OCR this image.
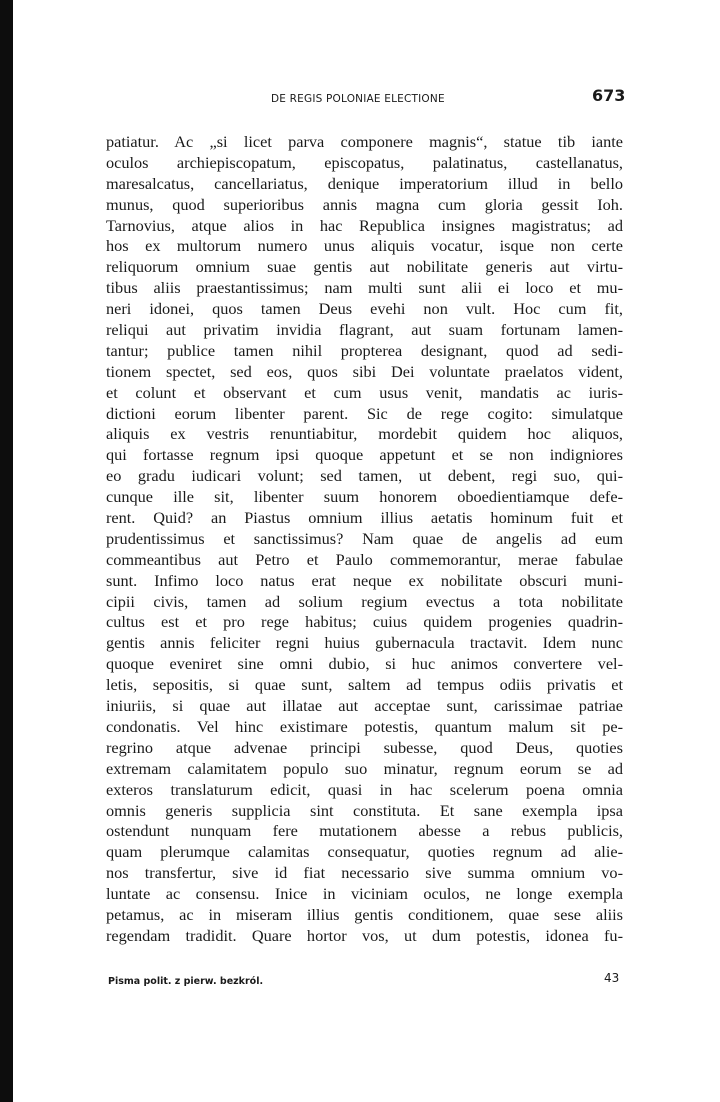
DE REGIS POLONIAE ELECTIONE	673
patiatur. Ac „si licet parva componere magnis“, statue tib iante
oculos archiepiscopatum, episcopatus, palatinatus, castellanatus,
maresalcatus, cancellariatus, denique imperatorium illud in bello
munus, quod superioribus annis magna cum gloria gessit Ioh.
Tarnovius, atque alios in hac Republica insignes magistratus; ad
hos ex multorum numero unus aliquis vocatur, isque non certe
reliquorum omnium suae gentis aut nobilitate generis aut virtu-
tibus aliis praestantissimus; nam multi sunt alii ei loco et mu-
neri idonei, quos tamen Deus evehi non vult. Hoc cum fit,
reliqui aut privatim invidia flagrant, aut suam fortunam lamen-
tantur; publice tamen nihil propterea designant, quod ad sedi-
tionem spectet, sed eos, quos sibi Dei voluntate praelatos vident,
et colunt et observant et cum usus venit, mandatis ac iuris-
dictioni eorum libenter parent. Sic de rege cogito: simulatque
aliquis ex vestris renuntiabitur, mordebit quidem hoc aliquos,
qui fortasse regnum ipsi quoque appetunt et se non indigniores
eo gradu iudicari volunt; sed tamen, ut debent, regi suo, qui-
cunque ille sit, libenter suum honorem oboedientiamque defe-
rent. Quid? an Piastus omnium illius aetatis hominum fuit et
prudentissimus et sanctissimus? Nam quae de angelis ad eum
commeantibus aut Petro et Paulo commemorantur, merae fabulae
sunt. Infimo loco natus erat neque ex nobilitate obscuri muni-
cipii civis, tamen ad solium regium evectus a tota nobilitate
cultus est et pro rege habitus; cuius quidem progenies quadrin-
gentis annis feliciter regni huius gubernacula tractavit. Idem nunc
quoque eveniret sine omni dubio, si huc animos convertere vel-
letis, sepositis, si quae sunt, saltem ad tempus odiis privatis et
iniuriis, si quae aut illatae aut acceptae sunt, carissimae patriae
condonatis. Vel hinc existimare potestis, quantum malum sit pe-
regrino atque advenae principi subesse, quod Deus, quoties
extremam calamitatem populo suo minatur, regnum eorum se ad
exteros translaturum edicit, quasi in hac scelerum poena omnia
omnis generis supplicia sint constituta. Et sane exempla ipsa
ostendunt nunquam fere mutationem abesse a rebus publicis,
quam plerumque calamitas consequatur, quoties regnum ad alie-
nos transfertur, sive id fiat necessario sive summa omnium vo-
luntate ac consensu. Inice in viciniam oculos, ne longe exempla
petamus, ac in miseram illius gentis conditionem, quae sese aliis
regendam tradidit. Quare hortor vos, ut dum potestis, idonea fu-
Pisma polit. z pierw. bezkról.	43
